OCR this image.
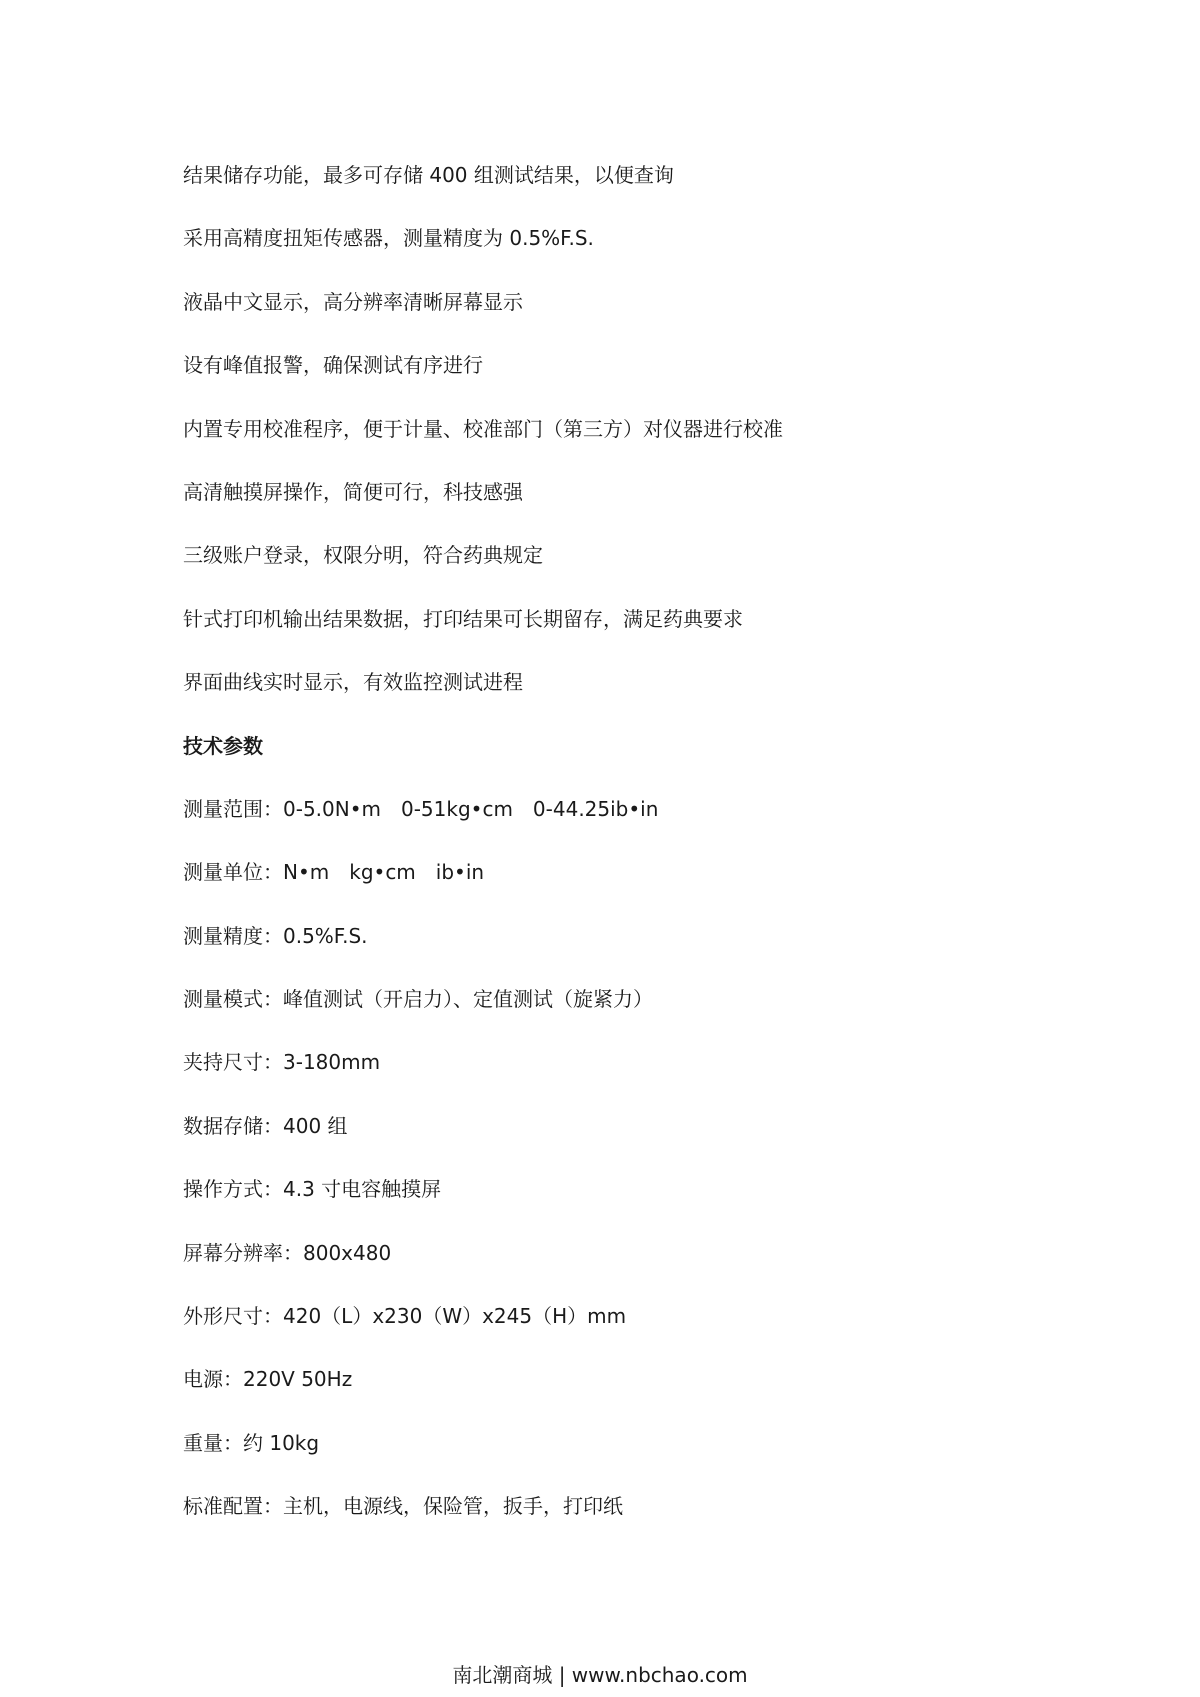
结果储存功能，最多可存储 400 组测试结果，以便查询
采用高精度扭矩传感器，测量精度为 0.5%F.S.
液晶中文显示，高分辨率清晰屏幕显示
设有峰值报警，确保测试有序进行
内置专用校准程序，便于计量、校准部门（第三方）对仪器进行校准
高清触摸屏操作，简便可行，科技感强
三级账户登录，权限分明，符合药典规定
针式打印机输出结果数据，打印结果可长期留存，满足药典要求
界面曲线实时显示，有效监控测试进程
技术参数
测量范围：0-5.0N•m　0-51kg•cm　0-44.25ib•in
测量单位：N•m　kg•cm　ib•in
测量精度：0.5%F.S.
测量模式：峰值测试（开启力）、定值测试（旋紧力）
夹持尺寸：3-180mm
数据存储：400 组
操作方式：4.3 寸电容触摸屏
屏幕分辨率：800x480
外形尺寸：420（L）x230（W）x245（H）mm
电源：220V 50Hz
重量：约 10kg
标准配置：主机，电源线，保险管，扳手，打印纸
南北潮商城 | www.nbchao.com
